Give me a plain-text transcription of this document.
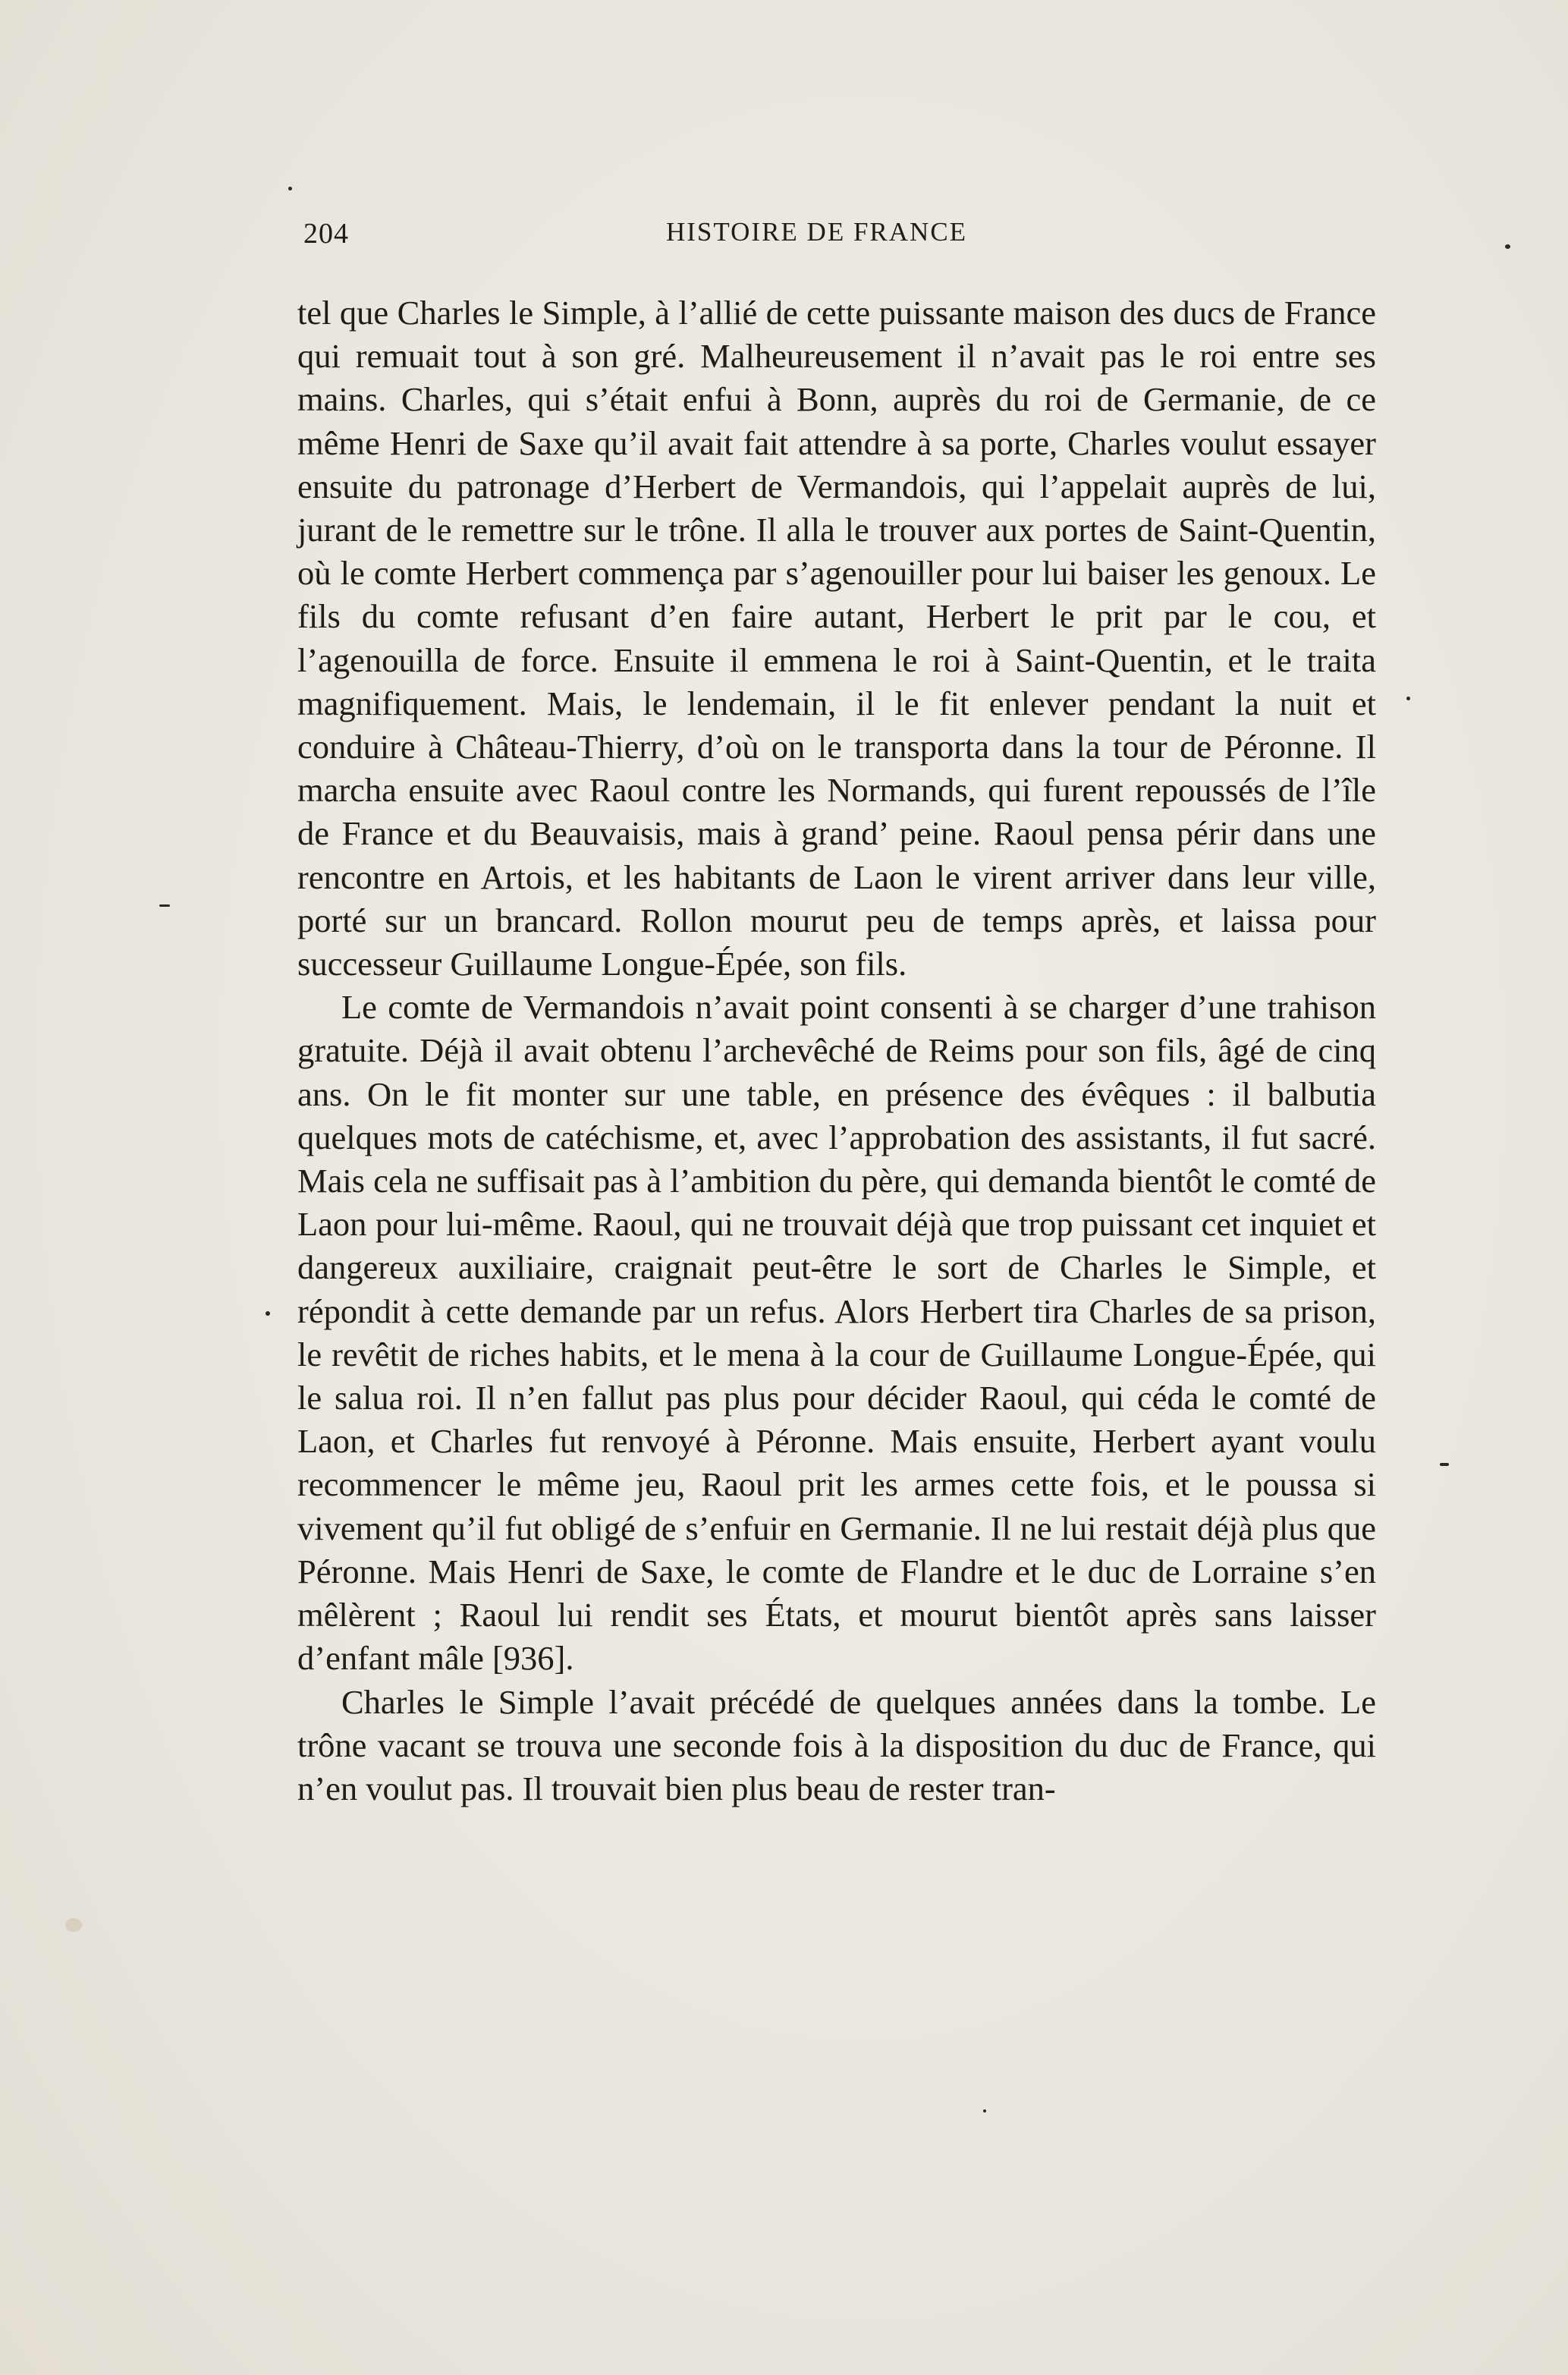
204	HISTOIRE DE FRANCE

tel que Charles le Simple, à l’allié de cette puissante maison des ducs de France qui remuait tout à son gré. Malheureusement il n’avait pas le roi entre ses mains. Charles, qui s’était enfui à Bonn, auprès du roi de Germanie, de ce même Henri de Saxe qu’il avait fait attendre à sa porte, Charles voulut essayer ensuite du patronage d’Herbert de Vermandois, qui l’appelait auprès de lui, jurant de le remettre sur le trône. Il alla le trouver aux portes de Saint-Quentin, où le comte Herbert commença par s’agenouiller pour lui baiser les genoux. Le fils du comte refusant d’en faire autant, Herbert le prit par le cou, et l’agenouilla de force. Ensuite il emmena le roi à Saint-Quentin, et le traita magnifiquement. Mais, le lendemain, il le fit enlever pendant la nuit et conduire à Château-Thierry, d’où on le transporta dans la tour de Péronne. Il marcha ensuite avec Raoul contre les Normands, qui furent repoussés de l’île de France et du Beauvaisis, mais à grand’ peine. Raoul pensa périr dans une rencontre en Artois, et les habitants de Laon le virent arriver dans leur ville, porté sur un brancard. Rollon mourut peu de temps après, et laissa pour successeur Guillaume Longue-Épée, son fils.

Le comte de Vermandois n’avait point consenti à se charger d’une trahison gratuite. Déjà il avait obtenu l’archevêché de Reims pour son fils, âgé de cinq ans. On le fit monter sur une table, en présence des évêques : il balbutia quelques mots de catéchisme, et, avec l’approbation des assistants, il fut sacré. Mais cela ne suffisait pas à l’ambition du père, qui demanda bientôt le comté de Laon pour lui-même. Raoul, qui ne trouvait déjà que trop puissant cet inquiet et dangereux auxiliaire, craignait peut-être le sort de Charles le Simple, et répondit à cette demande par un refus. Alors Herbert tira Charles de sa prison, le revêtit de riches habits, et le mena à la cour de Guillaume Longue-Épée, qui le salua roi. Il n’en fallut pas plus pour décider Raoul, qui céda le comté de Laon, et Charles fut renvoyé à Péronne. Mais ensuite, Herbert ayant voulu recommencer le même jeu, Raoul prit les armes cette fois, et le poussa si vivement qu’il fut obligé de s’enfuir en Germanie. Il ne lui restait déjà plus que Péronne. Mais Henri de Saxe, le comte de Flandre et le duc de Lorraine s’en mêlèrent ; Raoul lui rendit ses États, et mourut bientôt après sans laisser d’enfant mâle [936].

Charles le Simple l’avait précédé de quelques années dans la tombe. Le trône vacant se trouva une seconde fois à la disposition du duc de France, qui n’en voulut pas. Il trouvait bien plus beau de rester tran-
